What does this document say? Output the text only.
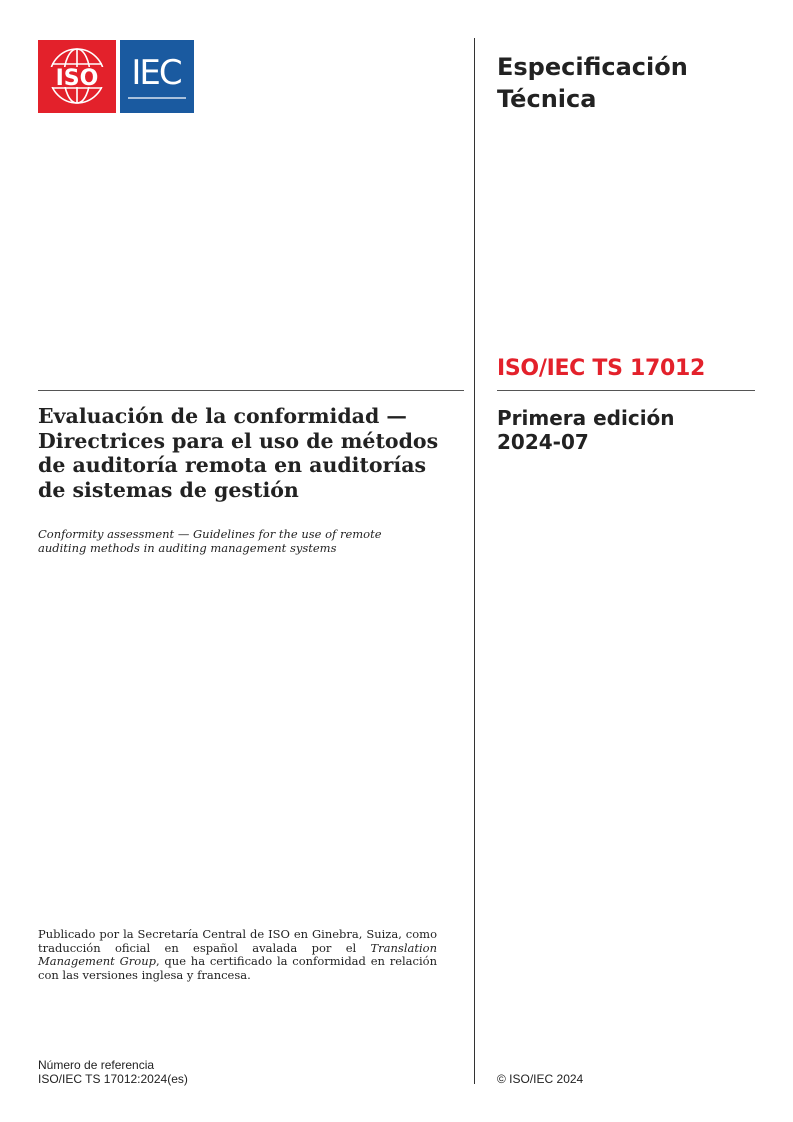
ISO IEC	Especificación
Técnica
ISO/IEC TS 17012
Primera edición
2024-07
Evaluación de la conformidad —
Directrices para el uso de métodos
de auditoría remota en auditorías
de sistemas de gestión
Conformity assessment — Guidelines for the use of remote
auditing methods in auditing management systems
Publicado por la Secretaría Central de ISO en Ginebra, Suiza, como traducción oficial en español avalada por el Translation Management Group, que ha certificado la conformidad en relación con las versiones inglesa y francesa.
Número de referencia
ISO/IEC TS 17012:2024(es)	© ISO/IEC 2024
